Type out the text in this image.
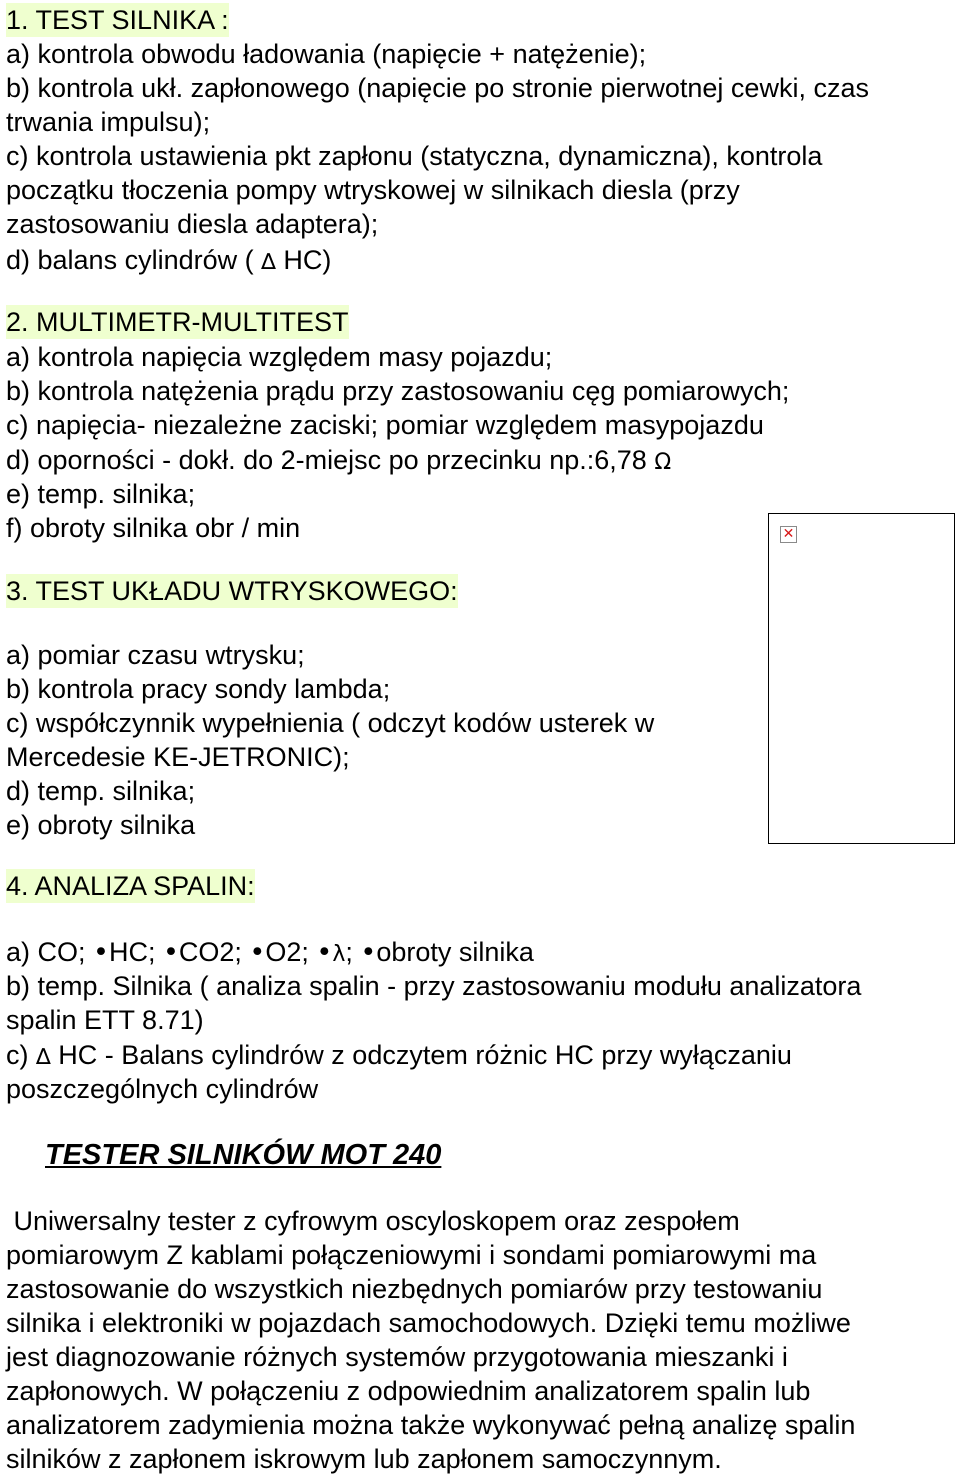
1. TEST SILNIKA :
a) kontrola obwodu ładowania (napięcie + natężenie);
b) kontrola ukł. zapłonowego (napięcie po stronie pierwotnej cewki, czas
trwania impulsu);
c) kontrola ustawienia pkt zapłonu (statyczna, dynamiczna), kontrola
początku tłoczenia pompy wtryskowej w silnikach diesla (przy
zastosowaniu diesla adaptera);
d) balans cylindrów ( ∆ HC)
2. MULTIMETR-MULTITEST
a) kontrola napięcia względem masy pojazdu;
b) kontrola natężenia prądu przy zastosowaniu cęg pomiarowych;
c) napięcia- niezależne zaciski; pomiar względem masypojazdu
d) oporności - dokł. do 2-miejsc po przecinku np.:6,78 Ω
e) temp. silnika;
f) obroty silnika obr / min
3. TEST UKŁADU WTRYSKOWEGO:
a) pomiar czasu wtrysku;
b) kontrola pracy sondy lambda;
c) współczynnik wypełnienia ( odczyt kodów usterek w
Mercedesie KE-JETRONIC);
d) temp. silnika;
e) obroty silnika
✕
4. ANALIZA SPALIN:
a) CO; •HC; •CO2; •O2; •λ; •obroty silnika
b) temp. Silnika ( analiza spalin - przy zastosowaniu modułu analizatora
spalin ETT 8.71)
c) ∆ HC - Balans cylindrów z odczytem różnic HC przy wyłączaniu
poszczególnych cylindrów
TESTER SILNIKÓW MOT 240
Uniwersalny tester z cyfrowym oscyloskopem oraz zespołem
pomiarowym Z kablami połączeniowymi i sondami pomiarowymi ma
zastosowanie do wszystkich niezbędnych pomiarów przy testowaniu
silnika i elektroniki w pojazdach samochodowych. Dzięki temu możliwe
jest diagnozowanie różnych systemów przygotowania mieszanki i
zapłonowych. W połączeniu z odpowiednim analizatorem spalin lub
analizatorem zadymienia można także wykonywać pełną analizę spalin
silników z zapłonem iskrowym lub zapłonem samoczynnym.
